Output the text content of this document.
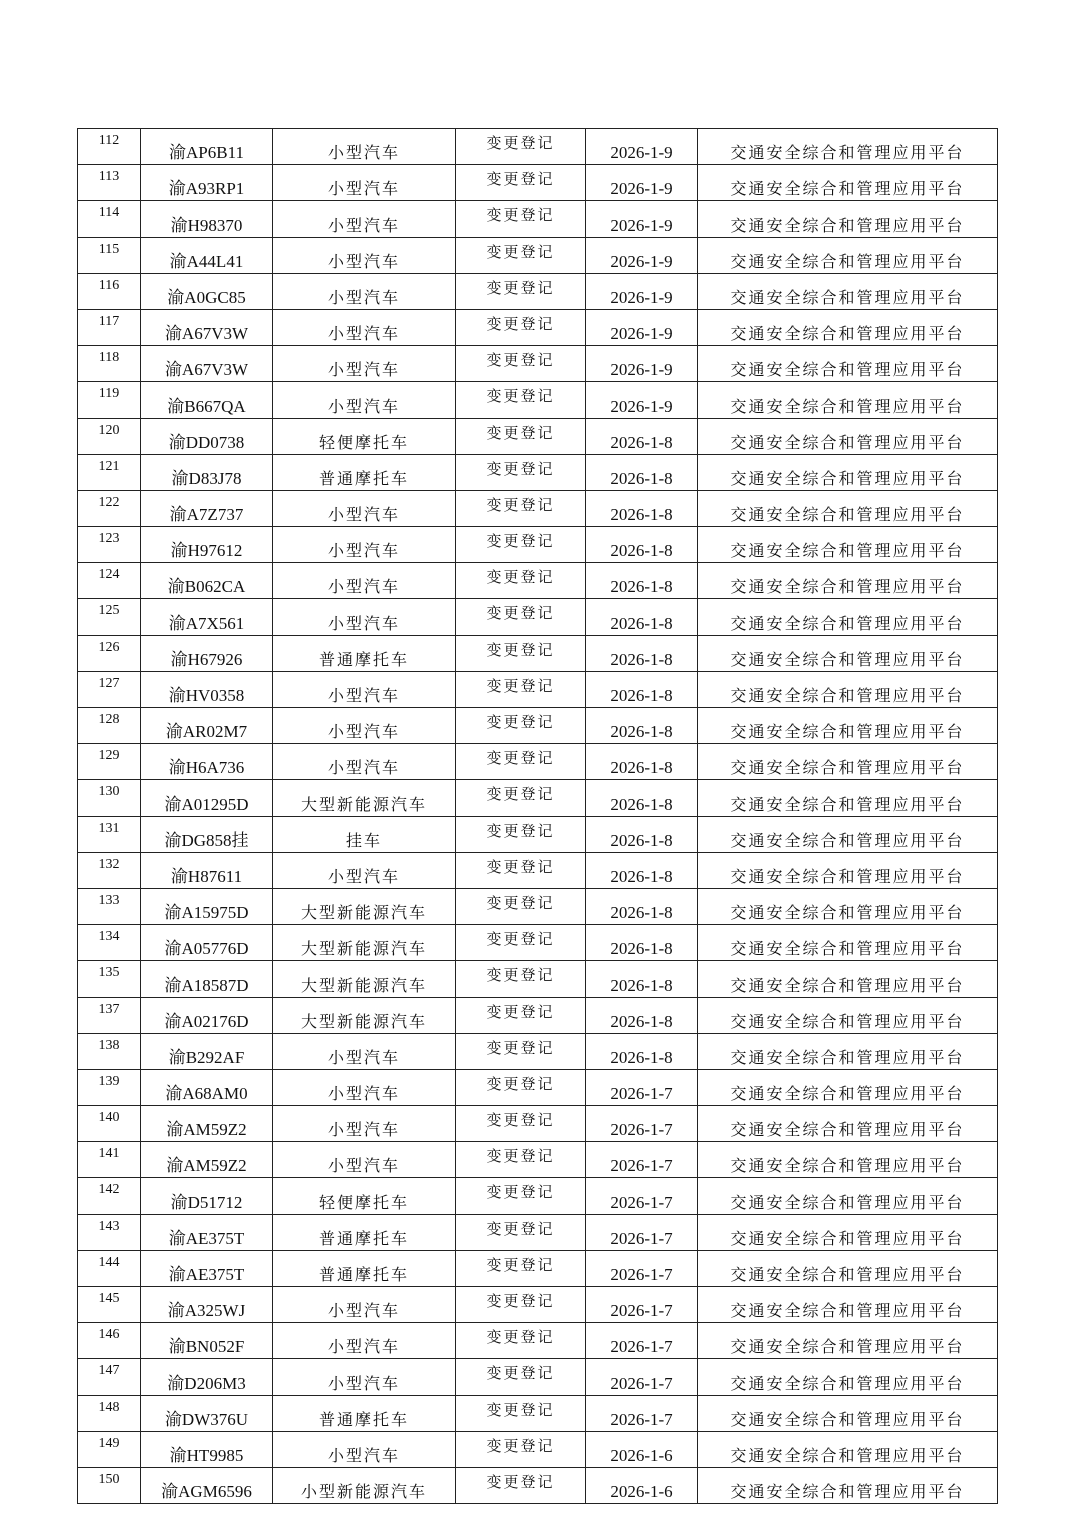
112	渝AP6B11	小型汽车	变更登记	2026-1-9	交通安全综合和管理应用平台
113	渝A93RP1	小型汽车	变更登记	2026-1-9	交通安全综合和管理应用平台
114	渝H98370	小型汽车	变更登记	2026-1-9	交通安全综合和管理应用平台
115	渝A44L41	小型汽车	变更登记	2026-1-9	交通安全综合和管理应用平台
116	渝A0GC85	小型汽车	变更登记	2026-1-9	交通安全综合和管理应用平台
117	渝A67V3W	小型汽车	变更登记	2026-1-9	交通安全综合和管理应用平台
118	渝A67V3W	小型汽车	变更登记	2026-1-9	交通安全综合和管理应用平台
119	渝B667QA	小型汽车	变更登记	2026-1-9	交通安全综合和管理应用平台
120	渝DD0738	轻便摩托车	变更登记	2026-1-8	交通安全综合和管理应用平台
121	渝D83J78	普通摩托车	变更登记	2026-1-8	交通安全综合和管理应用平台
122	渝A7Z737	小型汽车	变更登记	2026-1-8	交通安全综合和管理应用平台
123	渝H97612	小型汽车	变更登记	2026-1-8	交通安全综合和管理应用平台
124	渝B062CA	小型汽车	变更登记	2026-1-8	交通安全综合和管理应用平台
125	渝A7X561	小型汽车	变更登记	2026-1-8	交通安全综合和管理应用平台
126	渝H67926	普通摩托车	变更登记	2026-1-8	交通安全综合和管理应用平台
127	渝HV0358	小型汽车	变更登记	2026-1-8	交通安全综合和管理应用平台
128	渝AR02M7	小型汽车	变更登记	2026-1-8	交通安全综合和管理应用平台
129	渝H6A736	小型汽车	变更登记	2026-1-8	交通安全综合和管理应用平台
130	渝A01295D	大型新能源汽车	变更登记	2026-1-8	交通安全综合和管理应用平台
131	渝DG858挂	挂车	变更登记	2026-1-8	交通安全综合和管理应用平台
132	渝H87611	小型汽车	变更登记	2026-1-8	交通安全综合和管理应用平台
133	渝A15975D	大型新能源汽车	变更登记	2026-1-8	交通安全综合和管理应用平台
134	渝A05776D	大型新能源汽车	变更登记	2026-1-8	交通安全综合和管理应用平台
135	渝A18587D	大型新能源汽车	变更登记	2026-1-8	交通安全综合和管理应用平台
137	渝A02176D	大型新能源汽车	变更登记	2026-1-8	交通安全综合和管理应用平台
138	渝B292AF	小型汽车	变更登记	2026-1-8	交通安全综合和管理应用平台
139	渝A68AM0	小型汽车	变更登记	2026-1-7	交通安全综合和管理应用平台
140	渝AM59Z2	小型汽车	变更登记	2026-1-7	交通安全综合和管理应用平台
141	渝AM59Z2	小型汽车	变更登记	2026-1-7	交通安全综合和管理应用平台
142	渝D51712	轻便摩托车	变更登记	2026-1-7	交通安全综合和管理应用平台
143	渝AE375T	普通摩托车	变更登记	2026-1-7	交通安全综合和管理应用平台
144	渝AE375T	普通摩托车	变更登记	2026-1-7	交通安全综合和管理应用平台
145	渝A325WJ	小型汽车	变更登记	2026-1-7	交通安全综合和管理应用平台
146	渝BN052F	小型汽车	变更登记	2026-1-7	交通安全综合和管理应用平台
147	渝D206M3	小型汽车	变更登记	2026-1-7	交通安全综合和管理应用平台
148	渝DW376U	普通摩托车	变更登记	2026-1-7	交通安全综合和管理应用平台
149	渝HT9985	小型汽车	变更登记	2026-1-6	交通安全综合和管理应用平台
150	渝AGM6596	小型新能源汽车	变更登记	2026-1-6	交通安全综合和管理应用平台
